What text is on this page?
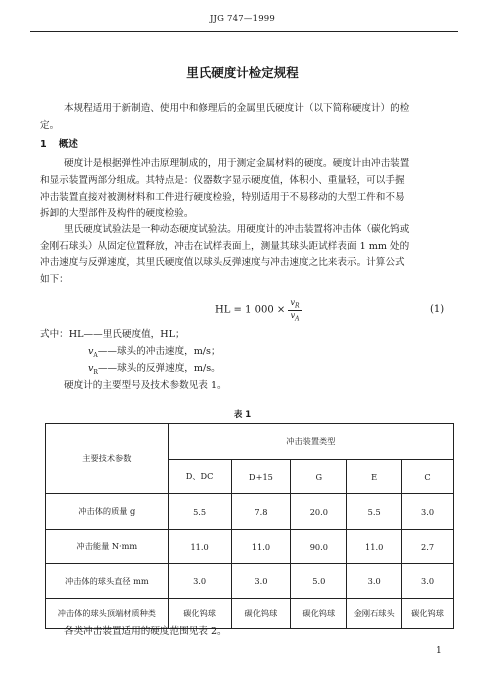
JJG 747—1999
里氏硬度计检定规程
本规程适用于新制造、使用中和修理后的金属里氏硬度计（以下简称硬度计）的检
定。
1 概述
硬度计是根据弹性冲击原理制成的，用于测定金属材料的硬度。硬度计由冲击装置
和显示装置两部分组成。其特点是：仪器数字显示硬度值，体积小、重量轻，可以手握
冲击装置直接对被测材料和工件进行硬度检验，特别适用于不易移动的大型工件和不易
拆卸的大型部件及构件的硬度检验。
里氏硬度试验法是一种动态硬度试验法。用硬度计的冲击装置将冲击体（碳化钨或
金刚石球头）从固定位置释放，冲击在试样表面上，测量其球头距试样表面 1 mm 处的
冲击速度与反弹速度，其里氏硬度值以球头反弹速度与冲击速度之比来表示。计算公式
如下：
HL = 1 $000 \times \frac{v_R}{v_A}$	(1)
式中：HL——里氏硬度值，HL；
$v_A——$球头的冲击速度，m/s；
$v_R——$球头的反弹速度，m/s。
硬度计的主要型号及技术参数见表 1。
表 1
主要技术参数	冲击装置类型				
	D、DC	D+15	G	E	C
冲击体的质量 g	5.5	7.8	20.0	5.5	3.0
冲击能量 N·mm	11.0	11.0	90.0	11.0	2.7
冲击体的球头直径 mm	3.0	3.0	5.0	3.0	3.0
冲击体的球头顶端材质种类	碳化钨球	碳化钨球	碳化钨球	金刚石球头	碳化钨球
各类冲击装置适用的硬度范围见表 2。
1
